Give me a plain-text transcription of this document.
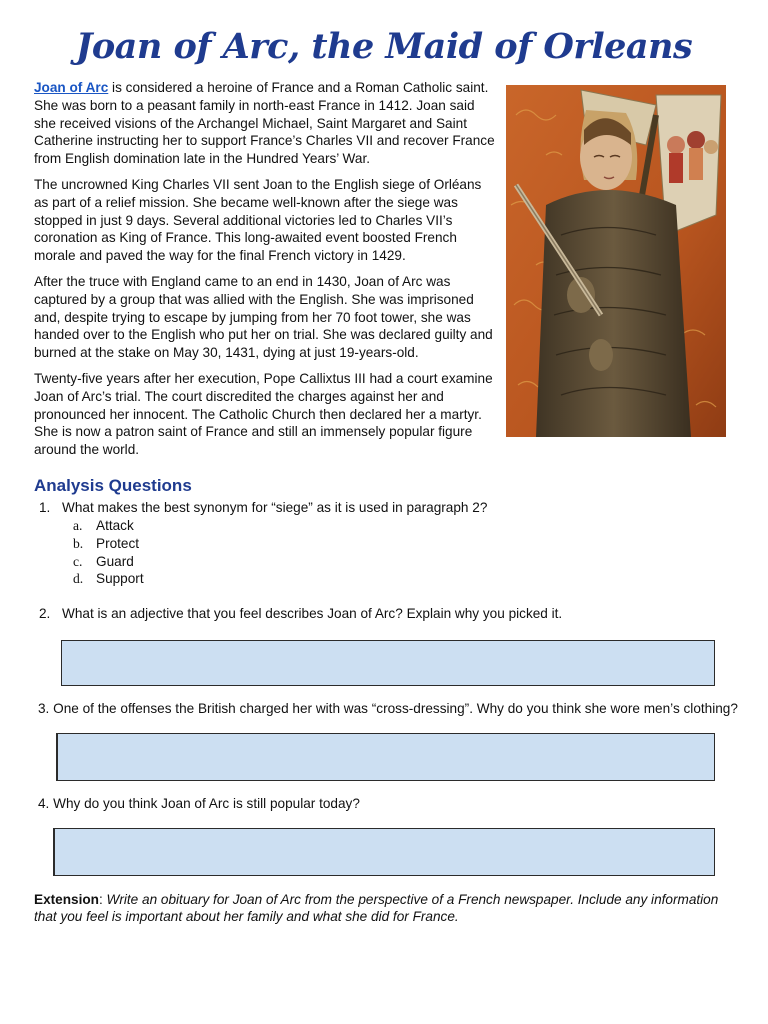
Joan of Arc, the Maid of Orleans

Joan of Arc is considered a heroine of France and a Roman Catholic saint. She was born to a peasant family in north-east France in 1412. Joan said she received visions of the Archangel Michael, Saint Margaret and Saint Catherine instructing her to support France’s Charles VII and recover France from English domination late in the Hundred Years’ War.

The uncrowned King Charles VII sent Joan to the English siege of Orléans as part of a relief mission. She became well-known after the siege was stopped in just 9 days. Several additional victories led to Charles VII’s coronation as King of France. This long-awaited event boosted French morale and paved the way for the final French victory in 1429.

After the truce with England came to an end in 1430, Joan of Arc was captured by a group that was allied with the English. She was imprisoned and, despite trying to escape by jumping from her 70 foot tower, she was handed over to the English who put her on trial. She was declared guilty and burned at the stake on May 30, 1431, dying at just 19-years-old.

Twenty-five years after her execution, Pope Callixtus III had a court examine Joan of Arc’s trial. The court discredited the charges against her and pronounced her innocent. The Catholic Church then declared her a martyr. She is now a patron saint of France and still an immensely popular figure around the world.

Analysis Questions
1. What makes the best synonym for “siege” as it is used in paragraph 2?
a. Attack
b. Protect
c. Guard
d. Support
2. What is an adjective that you feel describes Joan of Arc? Explain why you picked it.
3. One of the offenses the British charged her with was “cross-dressing”. Why do you think she wore men’s clothing?
4. Why do you think Joan of Arc is still popular today?
Extension: Write an obituary for Joan of Arc from the perspective of a French newspaper. Include any information that you feel is important about her family and what she did for France.
